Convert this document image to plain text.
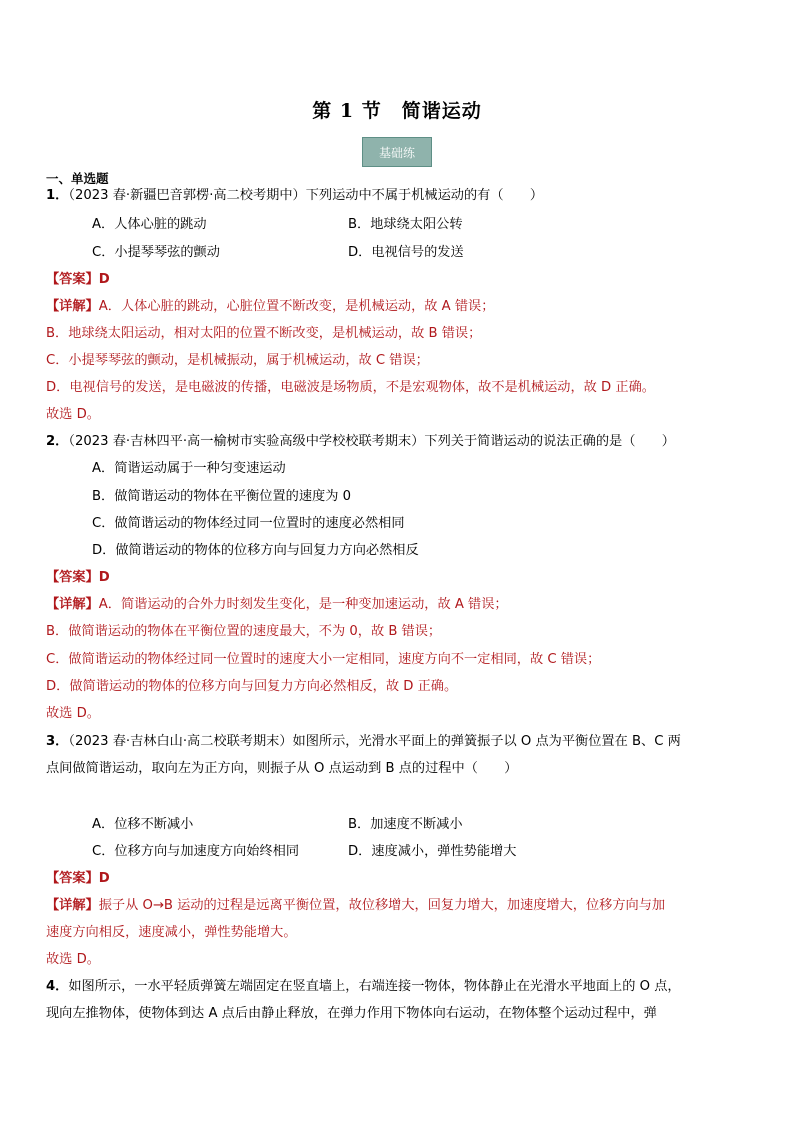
第 1 节　简谐运动
基础练
一、单选题
1．（2023 春·新疆巴音郭楞·高二校考期中）下列运动中不属于机械运动的有（　　）
A．人体心脏的跳动	B．地球绕太阳公转
C．小提琴琴弦的颤动	D．电视信号的发送
【答案】D
【详解】A．人体心脏的跳动，心脏位置不断改变，是机械运动，故 A 错误；
B．地球绕太阳运动，相对太阳的位置不断改变，是机械运动，故 B 错误；
C．小提琴琴弦的颤动，是机械振动，属于机械运动，故 C 错误；
D．电视信号的发送，是电磁波的传播，电磁波是场物质，不是宏观物体，故不是机械运动，故 D 正确。
故选 D。
2．（2023 春·吉林四平·高一榆树市实验高级中学校校联考期末）下列关于简谐运动的说法正确的是（　　）
A．简谐运动属于一种匀变速运动
B．做简谐运动的物体在平衡位置的速度为 0
C．做简谐运动的物体经过同一位置时的速度必然相同
D．做简谐运动的物体的位移方向与回复力方向必然相反
【答案】D
【详解】A．简谐运动的合外力时刻发生变化，是一种变加速运动，故 A 错误；
B．做简谐运动的物体在平衡位置的速度最大，不为 0，故 B 错误；
C．做简谐运动的物体经过同一位置时的速度大小一定相同，速度方向不一定相同，故 C 错误；
D．做简谐运动的物体的位移方向与回复力方向必然相反，故 D 正确。
故选 D。
3．（2023 春·吉林白山·高二校联考期末）如图所示，光滑水平面上的弹簧振子以 O 点为平衡位置在 B、C 两
点间做简谐运动，取向左为正方向，则振子从 O 点运动到 B 点的过程中（　　）
A．位移不断减小	B．加速度不断减小
C．位移方向与加速度方向始终相同	D．速度减小，弹性势能增大
【答案】D
【详解】振子从 O→B 运动的过程是远离平衡位置，故位移增大，回复力增大，加速度增大，位移方向与加
速度方向相反，速度减小，弹性势能增大。
故选 D。
4．如图所示，一水平轻质弹簧左端固定在竖直墙上，右端连接一物体，物体静止在光滑水平地面上的 O 点，
现向左推物体，使物体到达 A 点后由静止释放，在弹力作用下物体向右运动，在物体整个运动过程中，弹
